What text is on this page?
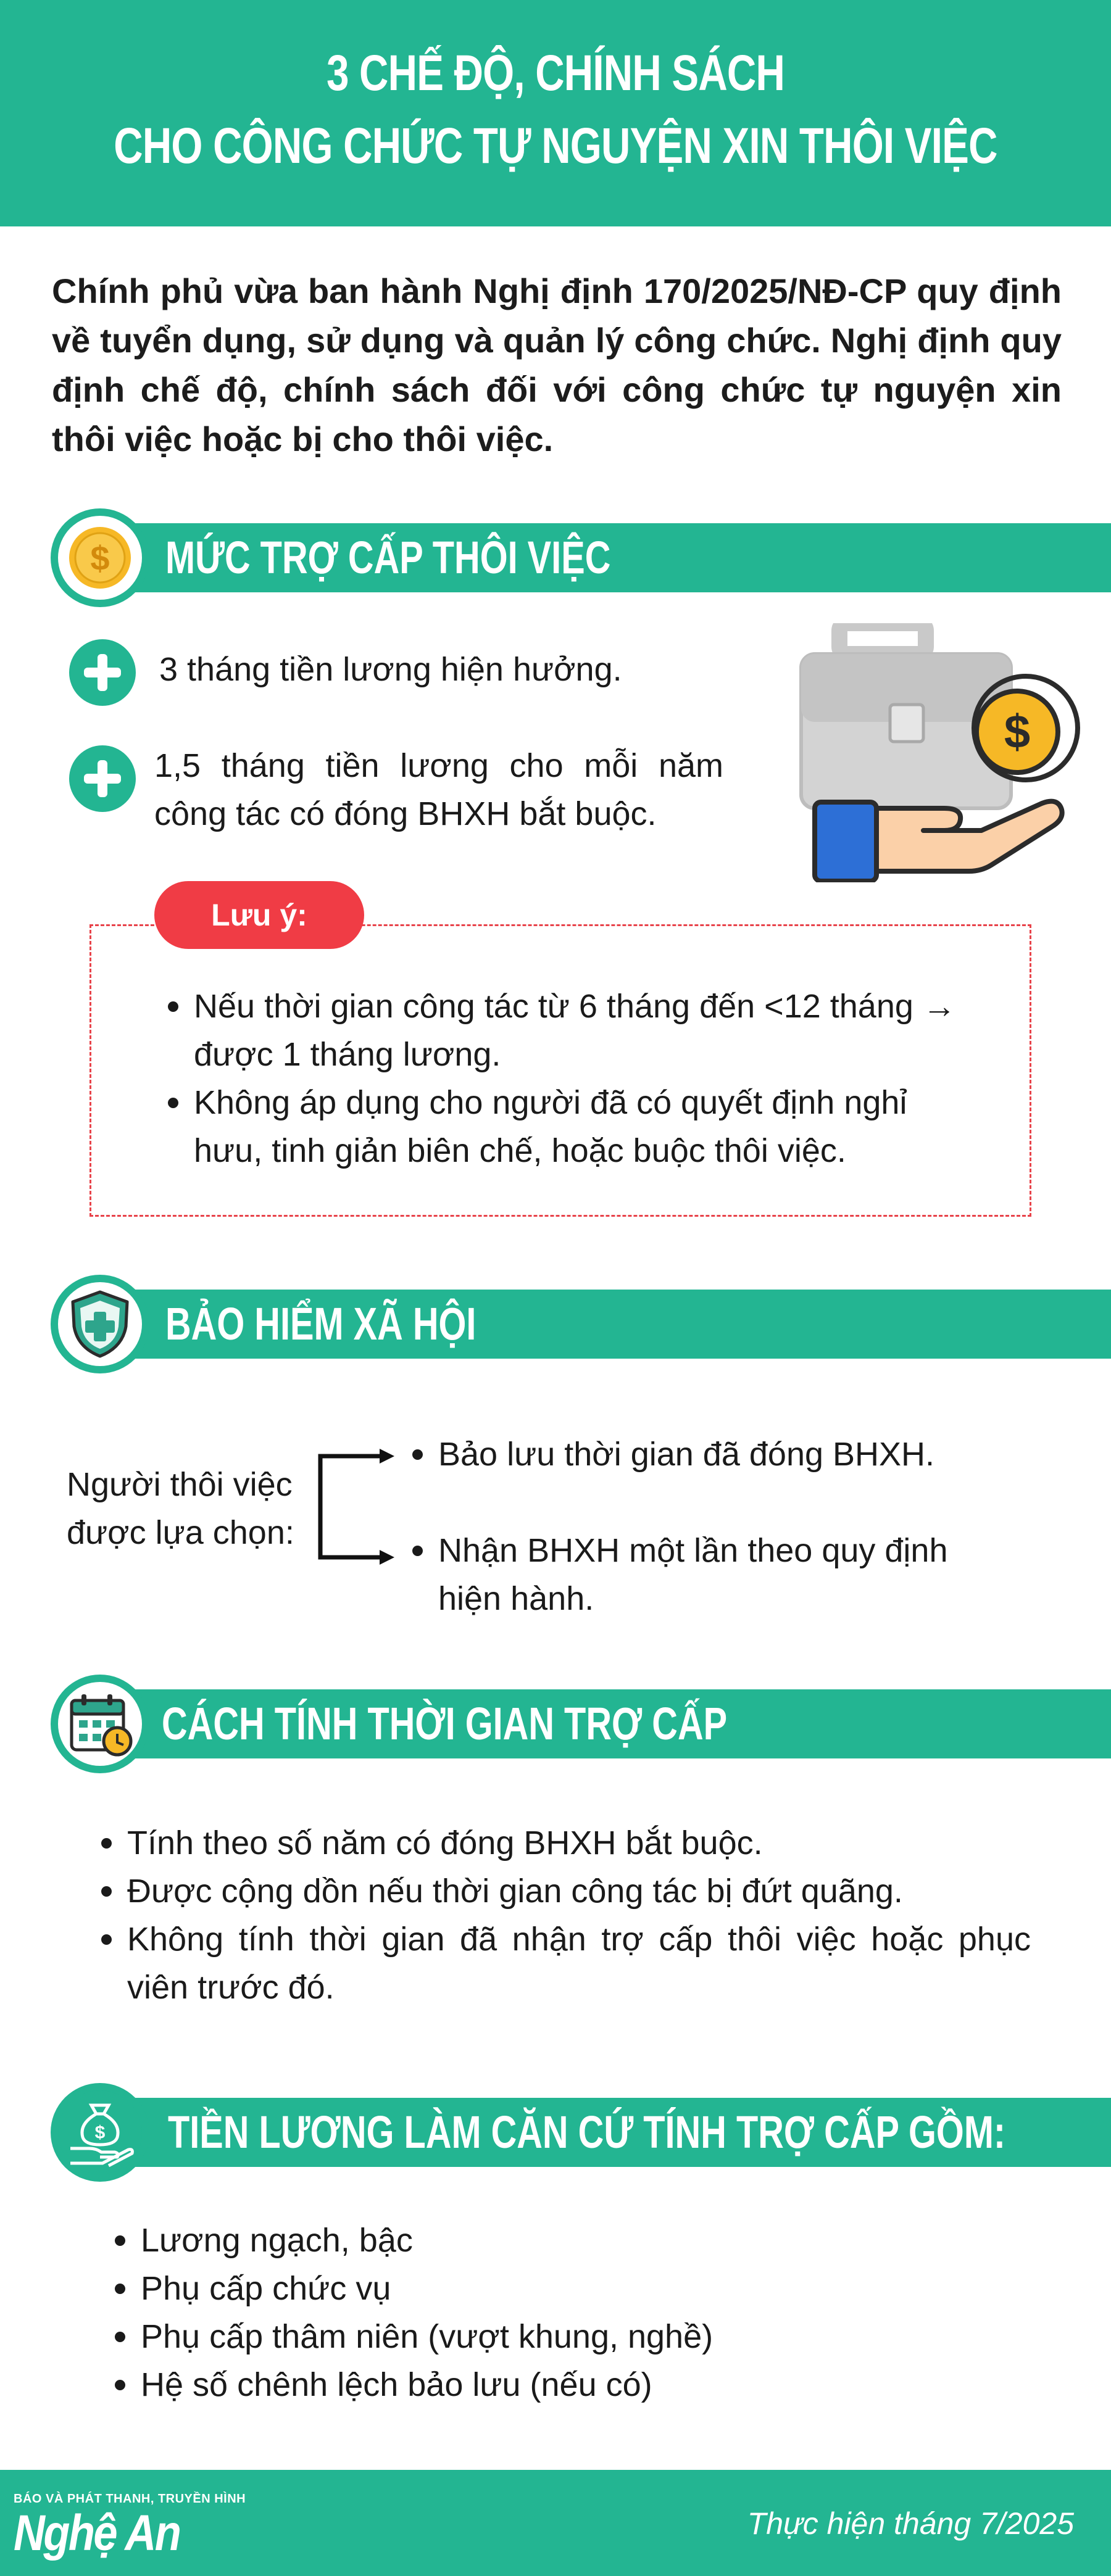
3 CHẾ ĐỘ, CHÍNH SÁCH
CHO CÔNG CHỨC TỰ NGUYỆN XIN THÔI VIỆC
Chính phủ vừa ban hành Nghị định 170/2025/NĐ-CP quy định về tuyển dụng, sử dụng và quản lý công chức. Nghị định quy định chế độ, chính sách đối với công chức tự nguyện xin thôi việc hoặc bị cho thôi việc.
$ MỨC TRỢ CẤP THÔI VIỆC
3 tháng tiền lương hiện hưởng.
1,5 tháng tiền lương cho mỗi năm công tác có đóng BHXH bắt buộc.
$
Lưu ý:
Nếu thời gian công tác từ 6 tháng đến <12 tháng → được 1 tháng lương.
Không áp dụng cho người đã có quyết định nghỉ hưu, tinh giản biên chế, hoặc buộc thôi việc.
BẢO HIỂM XÃ HỘI
Người thôi việc được lựa chọn:
Bảo lưu thời gian đã đóng BHXH.
Nhận BHXH một lần theo quy định hiện hành.
CÁCH TÍNH THỜI GIAN TRỢ CẤP
Tính theo số năm có đóng BHXH bắt buộc.
Được cộng dồn nếu thời gian công tác bị đứt quãng.
Không tính thời gian đã nhận trợ cấp thôi việc hoặc phục viên trước đó.
$ TIỀN LƯƠNG LÀM CĂN CỨ TÍNH TRỢ CẤP GỒM:
Lương ngạch, bậc
Phụ cấp chức vụ
Phụ cấp thâm niên (vượt khung, nghề)
Hệ số chênh lệch bảo lưu (nếu có)
BÁO VÀ PHÁT THANH, TRUYỀN HÌNH
Nghệ An	Thực hiện tháng 7/2025
